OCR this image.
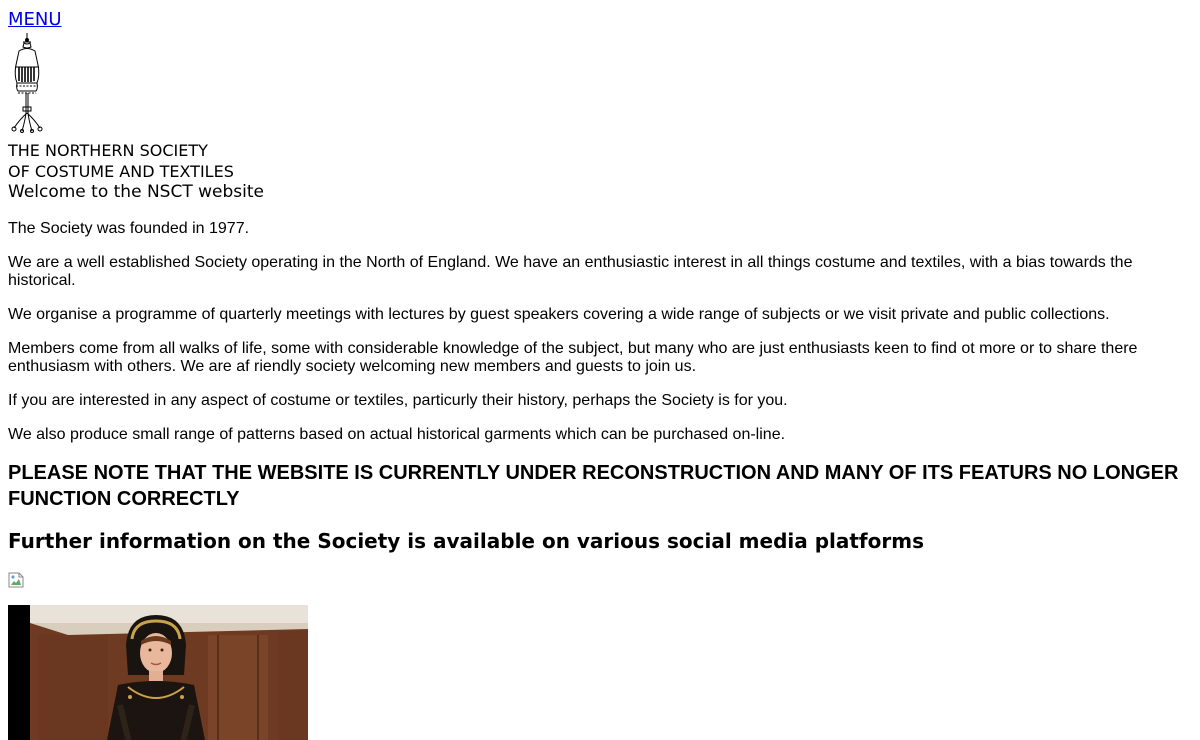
MENU
THE NORTHERN SOCIETY
OF COSTUME AND TEXTILES
Welcome to the NSCT website

The Society was founded in 1977.

We are a well established Society operating in the North of England. We have an enthusiastic interest in all things costume and textiles, with a bias towards the historical.

We organise a programme of quarterly meetings with lectures by guest speakers covering a wide range of subjects or we visit private and public collections.

Members come from all walks of life, some with considerable knowledge of the subject, but many who are just enthusiasts keen to find ot more or to share there enthusiasm with others. We are af riendly society welcoming new members and guests to join us.

If you are interested in any aspect of costume or textiles, particurly their history, perhaps the Society is for you.

We also produce small range of patterns based on actual historical garments which can be purchased on-line.

PLEASE NOTE THAT THE WEBSITE IS CURRENTLY UNDER RECONSTRUCTION AND MANY OF ITS FEATURS NO LONGER FUNCTION CORRECTLY
Further information on the Society is available on various social media platforms
